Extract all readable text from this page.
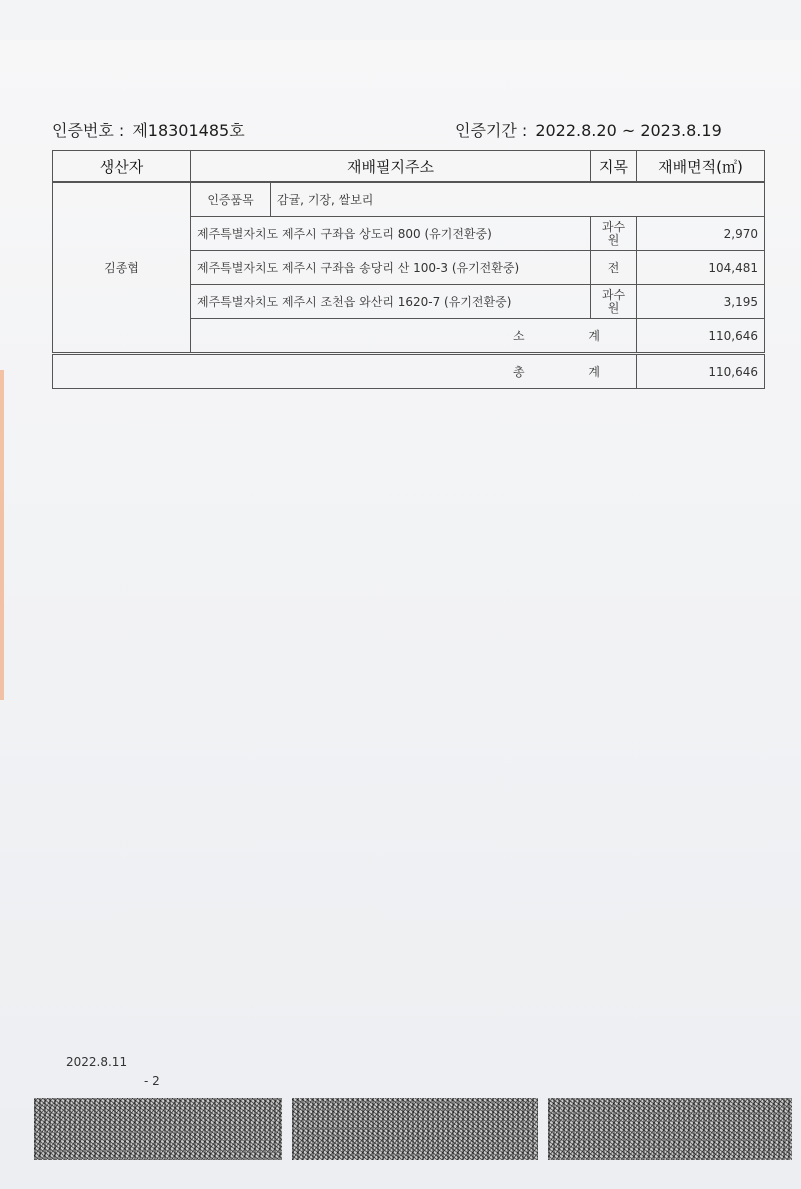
인증번호 : 제18301485호	인증기간 : 2022.8.20 ~ 2023.8.19
생산자	재배필지주소		지목	재배면적(㎡)
김종협	인증품목	감귤, 기장, 쌀보리		
	제주특별자치도 제주시 구좌읍 상도리 800 (유기전환중)		과수원	2,970
	제주특별자치도 제주시 구좌읍 송당리 산 100-3 (유기전환중)		전	104,481
	제주특별자치도 제주시 조천읍 와산리 1620-7 (유기전환중)		과수원	3,195
	소 계			110,646
총 계				110,646
2022.8.11
- 2
